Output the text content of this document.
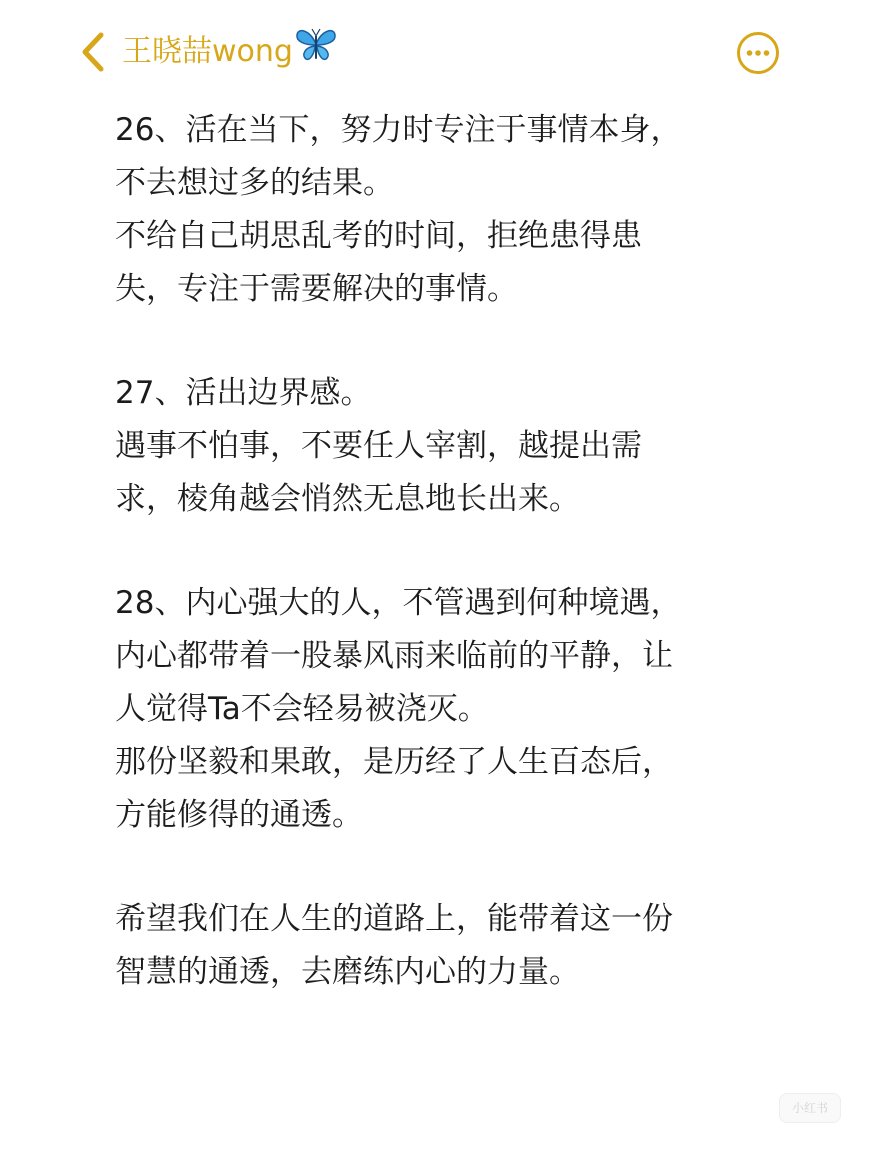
王晓喆wong
26、活在当下，努力时专注于事情本身，
不去想过多的结果。
不给自己胡思乱考的时间，拒绝患得患
失，专注于需要解决的事情。
27、活出边界感。
遇事不怕事，不要任人宰割，越提出需
求，棱角越会悄然无息地长出来。
28、内心强大的人，不管遇到何种境遇，
内心都带着一股暴风雨来临前的平静，让
人觉得Ta不会轻易被浇灭。
那份坚毅和果敢，是历经了人生百态后，
方能修得的通透。
希望我们在人生的道路上，能带着这一份
智慧的通透，去磨练内心的力量。
小红书
